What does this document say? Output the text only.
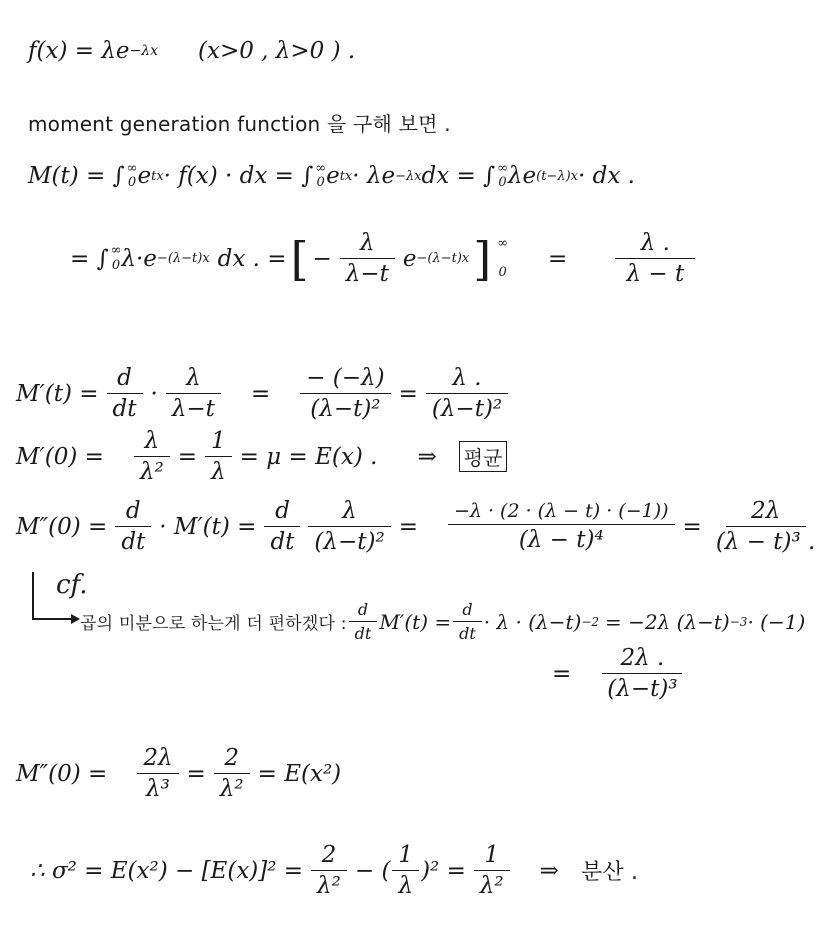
f(x) = λe −λx (x>0 , λ>0 ) .
moment generation function 을 구해 보면 .
M(t) = ∫ ∞
0 e tx · f(x) · dx = ∫ ∞
0 e tx · λe −λx dx = ∫ ∞
0 λe (t−λ)x · dx .
= ∫ ∞
0 λ·e −(λ−t)x dx . = [ − $\frac{\lambda}{\lambda-t}$ e −(λ−t)x ] ∞
0
= $\frac{\lambda .}{\lambda - t}$
$M'(t) = \frac{d}{dt} \cdot \frac{\lambda}{\lambda-t} = \frac{- (-\lambda)}{\text{(λ−t)²}} = \frac{\lambda .}{\text{(λ−t)²}}$
$M'(0) = \frac{\lambda}{\text{λ²}} = \frac{1}{\lambda} = \mu = E(x)$ . ⇒ 평균
$M''(0) = \frac{d}{dt} \cdot M'(t) = \frac{d}{dt} \frac{\lambda}{\text{(λ−t)²}} = \frac{-\lambda \cdot (2 \cdot (\lambda - t) \cdot (-1))}{\text{(λ − t)⁴}} = \frac{2\lambda}{\text{(λ − t)³ .}}$
cf.
곱의 미분으로 하는게 더 편하겠다 : $\frac{d}{dt} M'(t) = \frac{d}{dt} \cdot \lambda \cdot (\lambda-t) -2 = -2\lambda$ (λ−t) −3 · (−1)
= $\frac{2\lambda .}{\text{(λ−t)³}}$
$M''(0) = \frac{2\lambda}{\text{λ³}} = \frac{2}{\text{λ²}} = E(x^2)$
∴ $\sigma^2 = E(x^2) - [E(x)]^2 = \frac{2}{\text{λ²}}$ − ( $\frac{1}{\lambda} )^2 = \frac{1}{\text{λ²}}$ ⇒ 분산 .
